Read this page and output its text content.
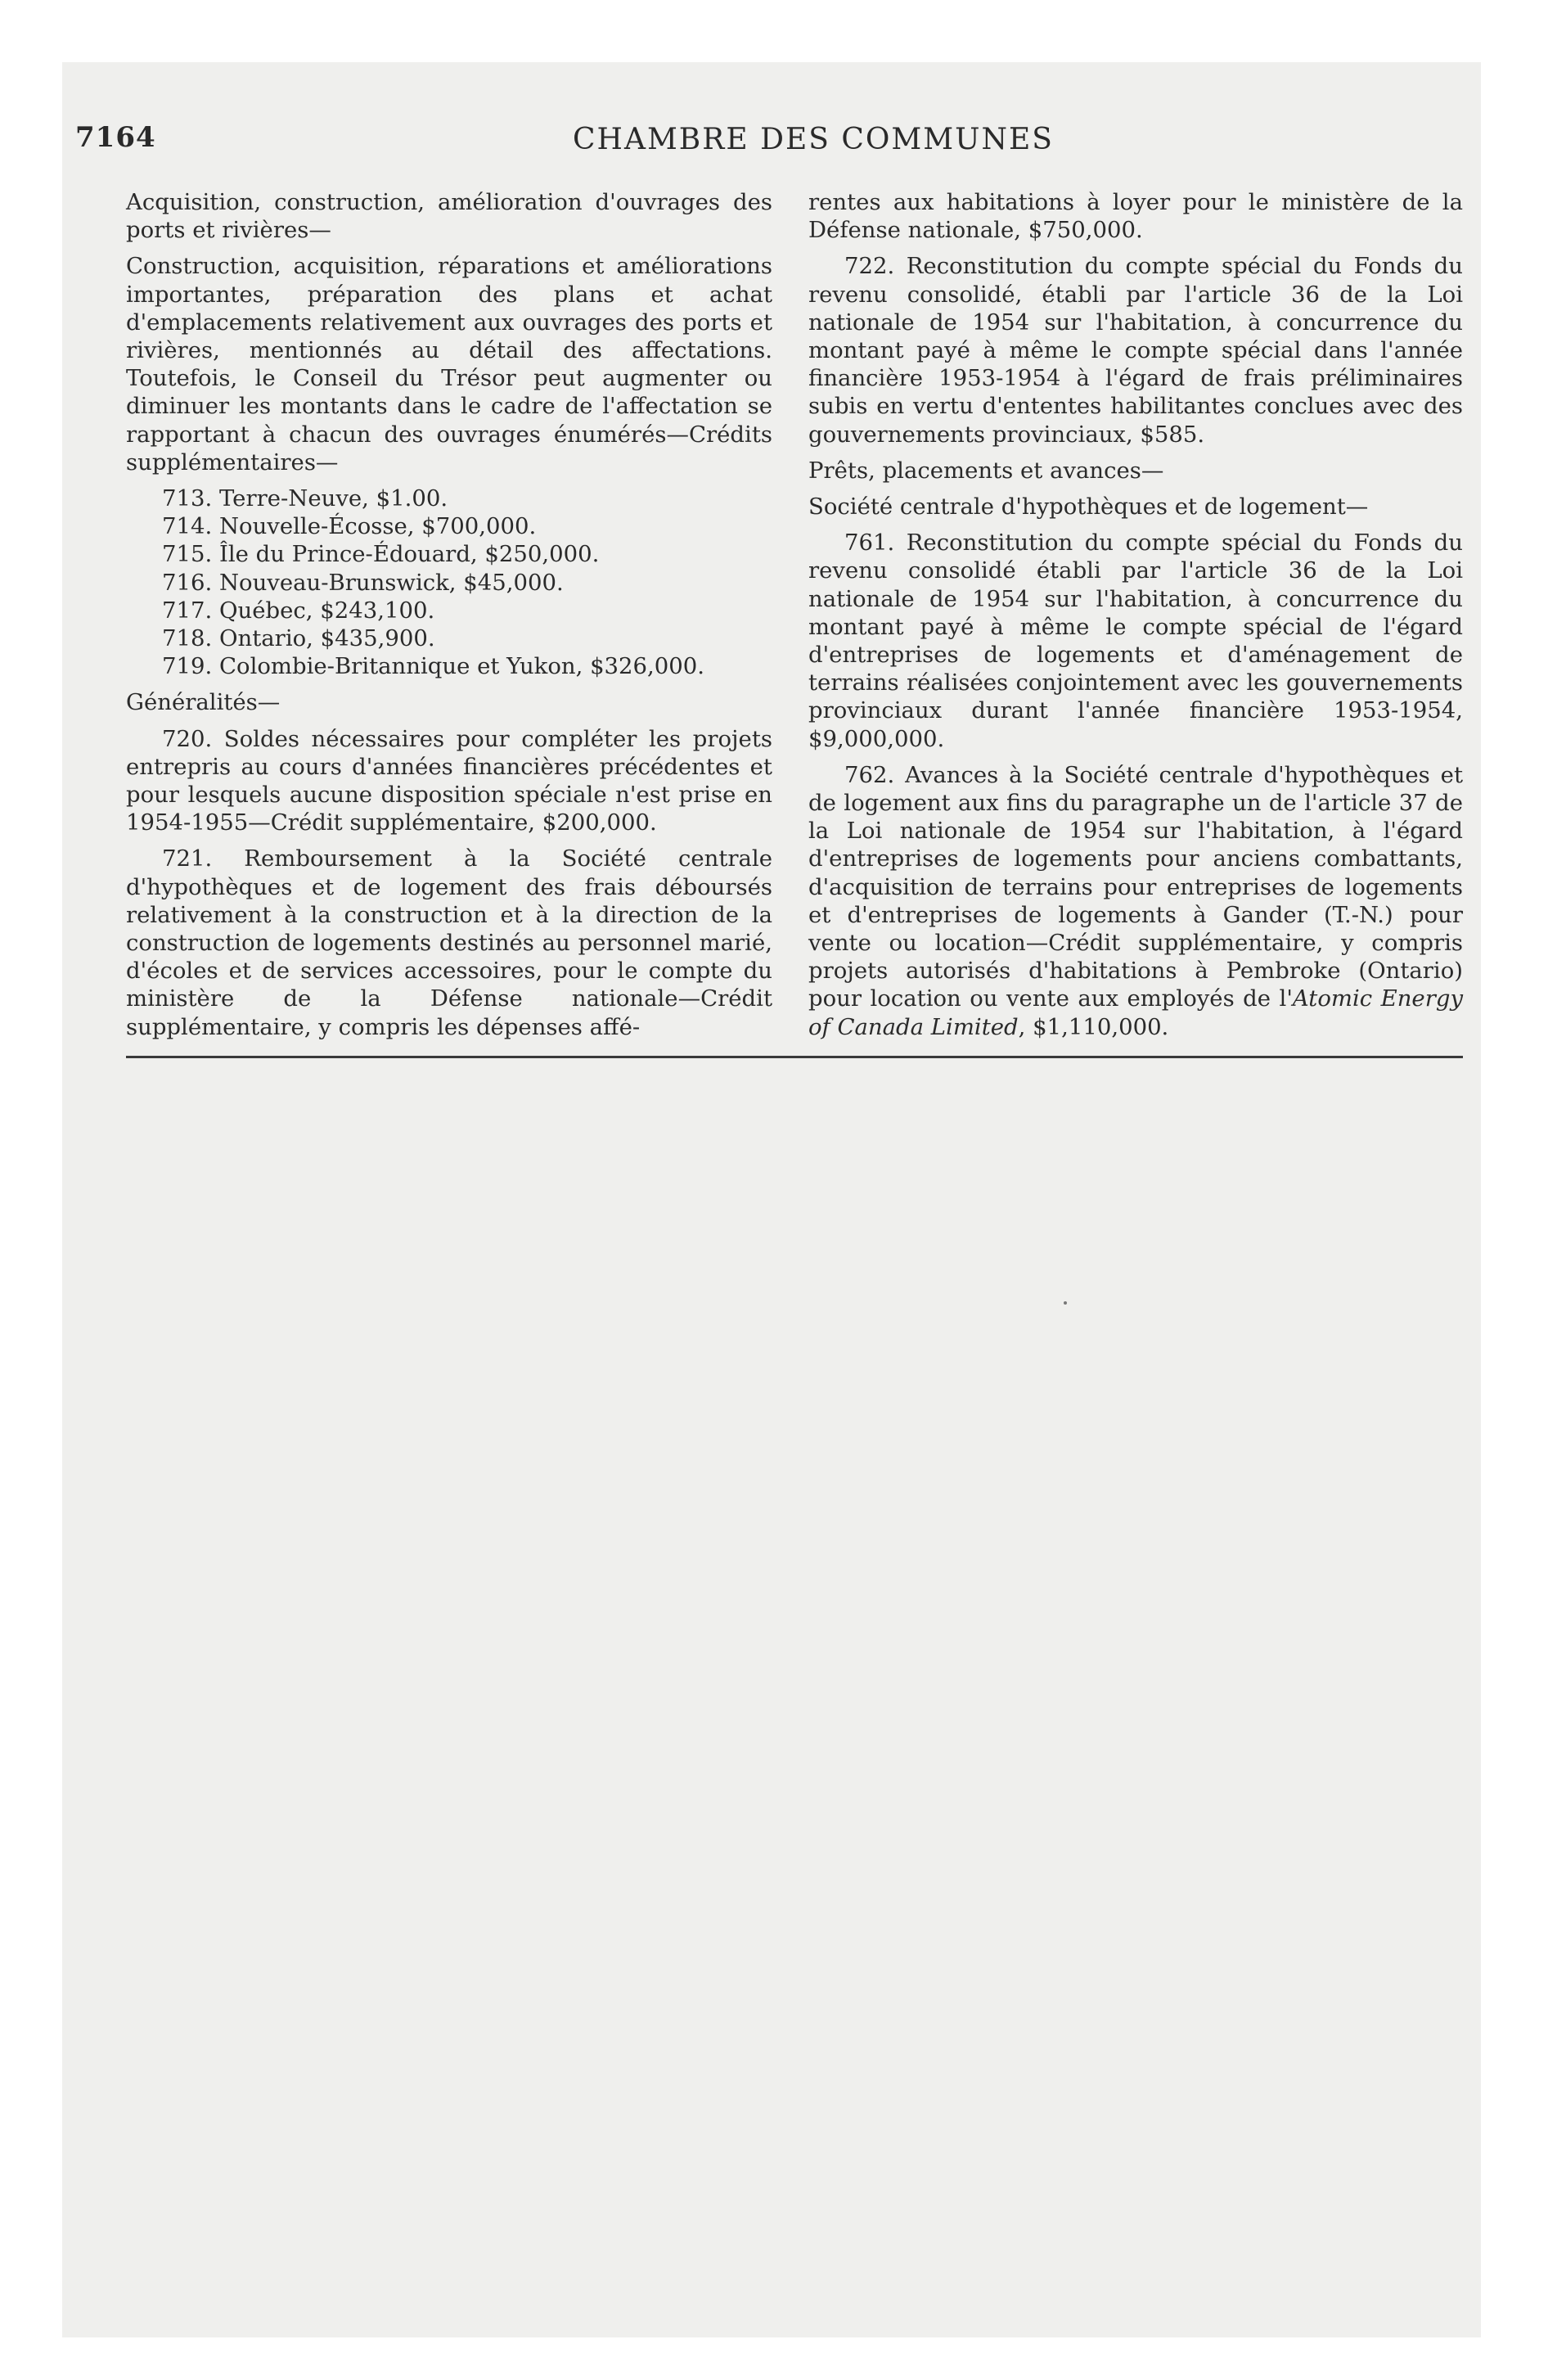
7164	CHAMBRE DES COMMUNES

Acquisition, construction, amélioration d'ouvrages des ports et rivières—

Construction, acquisition, réparations et améliorations importantes, préparation des plans et achat d'emplacements relativement aux ouvrages des ports et rivières, mentionnés au détail des affectations. Toutefois, le Conseil du Trésor peut augmenter ou diminuer les montants dans le cadre de l'affectation se rapportant à chacun des ouvrages énumérés—Crédits supplémentaires—

713. Terre-Neuve, $1.00.

714. Nouvelle-Écosse, $700,000.

715. Île du Prince-Édouard, $250,000.

716. Nouveau-Brunswick, $45,000.

717. Québec, $243,100.

718. Ontario, $435,900.

719. Colombie-Britannique et Yukon, $326,000.

Généralités—

720. Soldes nécessaires pour compléter les projets entrepris au cours d'années financières précédentes et pour lesquels aucune disposition spéciale n'est prise en 1954-1955—Crédit supplémentaire, $200,000.

721. Remboursement à la Société centrale d'hypothèques et de logement des frais déboursés relativement à la construction et à la direction de la construction de logements destinés au personnel marié, d'écoles et de services accessoires, pour le compte du ministère de la Défense nationale—Crédit supplémentaire, y compris les dépenses affé-

rentes aux habitations à loyer pour le ministère de la Défense nationale, $750,000.

722. Reconstitution du compte spécial du Fonds du revenu consolidé, établi par l'article 36 de la Loi nationale de 1954 sur l'habitation, à concurrence du montant payé à même le compte spécial dans l'année financière 1953-1954 à l'égard de frais préliminaires subis en vertu d'ententes habilitantes conclues avec des gouvernements provinciaux, $585.

Prêts, placements et avances—

Société centrale d'hypothèques et de logement—

761. Reconstitution du compte spécial du Fonds du revenu consolidé établi par l'article 36 de la Loi nationale de 1954 sur l'habitation, à concurrence du montant payé à même le compte spécial de l'égard d'entreprises de logements et d'aménagement de terrains réalisées conjointement avec les gouvernements provinciaux durant l'année financière 1953-1954, $9,000,000.

762. Avances à la Société centrale d'hypothèques et de logement aux fins du paragraphe un de l'article 37 de la Loi nationale de 1954 sur l'habitation, à l'égard d'entreprises de logements pour anciens combattants, d'acquisition de terrains pour entreprises de logements et d'entreprises de logements à Gander (T.-N.) pour vente ou location—Crédit supplémentaire, y compris projets autorisés d'habitations à Pembroke (Ontario) pour location ou vente aux employés de l'Atomic Energy of Canada Limited, $1,110,000.
